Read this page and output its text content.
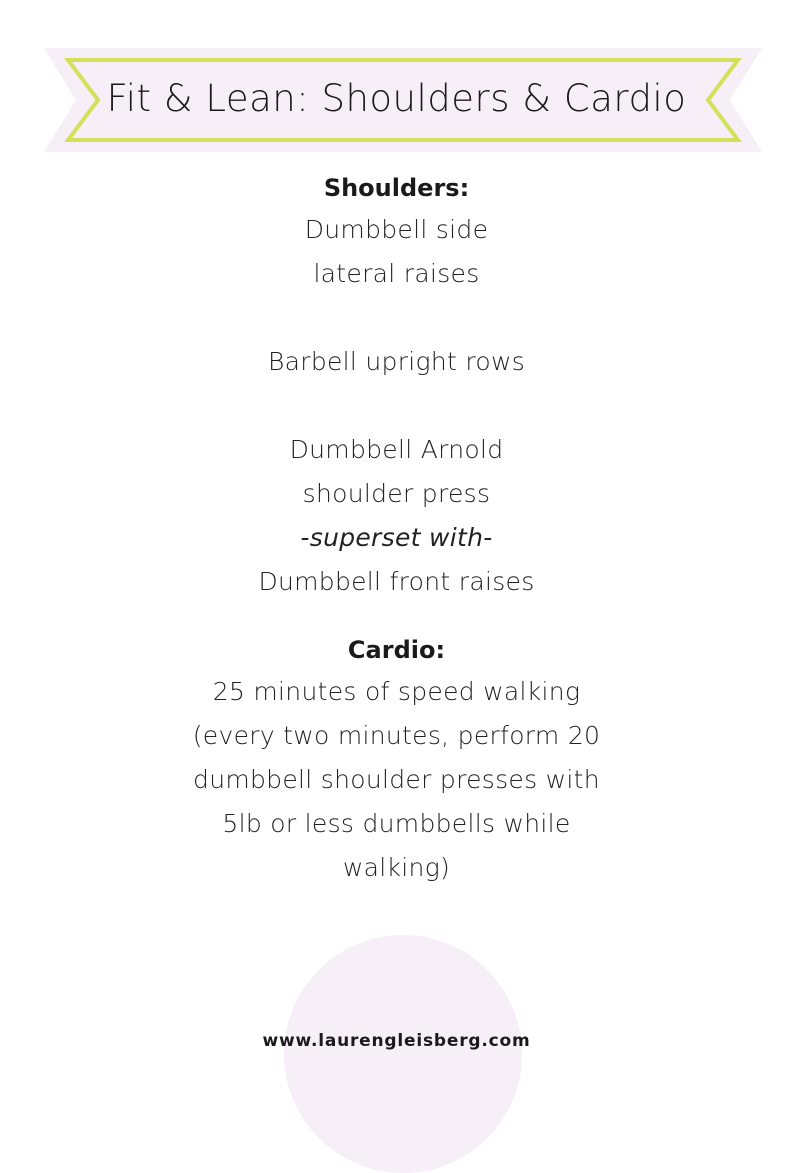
Fit & Lean: Shoulders & Cardio
Shoulders:
Dumbbell side
lateral raises
Barbell upright rows
Dumbbell Arnold
shoulder press
-superset with-
Dumbbell front raises
Cardio:
25 minutes of speed walking
(every two minutes, perform 20
dumbbell shoulder presses with
5lb or less dumbbells while
walking)
www.laurengleisberg.com
